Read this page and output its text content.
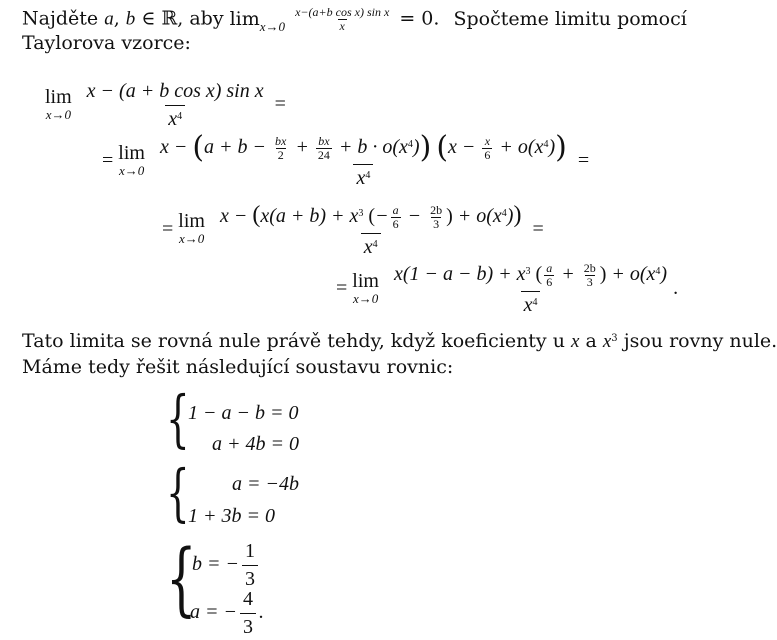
Najděte a, b ∈ ℝ, aby $\lim_{x\to 0} \frac{\text{x−(a+b cos x) sin x}}{x} = 0$. Spočteme limitu pomocí
Taylorova vzorce:
lim
x→0
$\frac{\text{x − (a + b cos x) sin x}}{x^4}$ =
= lim
x→0

$x - (a + b - \frac{bx}{2} + \frac{bx}{24} + b \cdot o(x^4))$ $(x - \frac{x}{6} + o(x^4))$
$x^4$
=
= lim
x→0

$x - (x(a + b) + x^3$ (− $\frac{a}{6} - \frac{2b}{3}$ ) + $o(x^4)$)
$x^4$
=
= lim
x→0

$x(1 - a - b) + x^3$ ( $\frac{a}{6} + \frac{2b}{3}$ ) + $o(x^4)$
$x^4$
.
Tato limita se rovná nule právě tehdy, když koeficienty u x a $x^3$ jsou rovny nule.
Máme tedy řešit následující soustavu rovnic:
{
1 − a − b = 0
a + 4b = 0
{ a = −4b
1 + 3b = 0
{
b = − $\frac{1}{3}$
a = − $\frac{4}{3}$ .
